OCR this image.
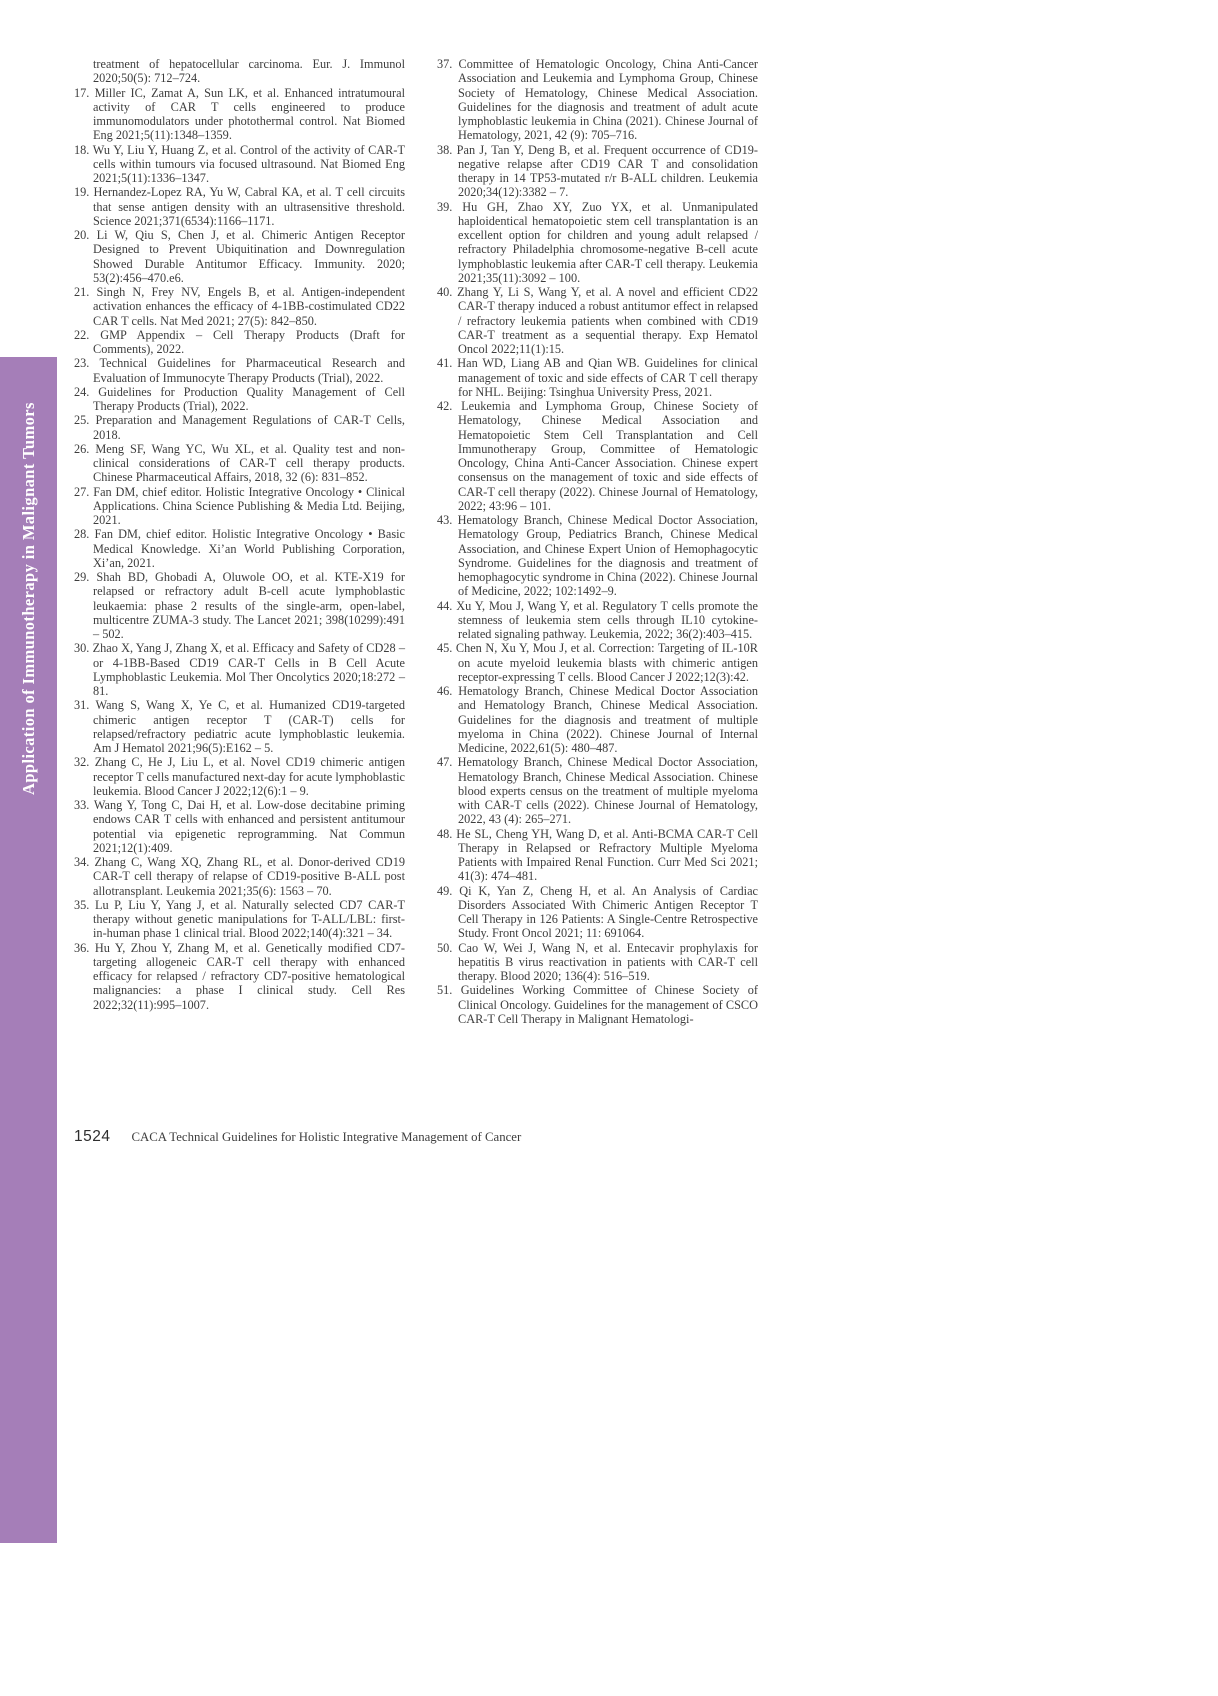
Application of Immunotherapy in Malignant Tumors
treatment of hepatocellular carcinoma. Eur. J. Immunol 2020;50(5): 712–724.
17. Miller IC, Zamat A, Sun LK, et al. Enhanced intratumoural activity of CAR T cells engineered to produce immunomodulators under photothermal control. Nat Biomed Eng 2021;5(11):1348–1359.
18. Wu Y, Liu Y, Huang Z, et al. Control of the activity of CAR-T cells within tumours via focused ultrasound. Nat Biomed Eng 2021;5(11):1336–1347.
19. Hernandez-Lopez RA, Yu W, Cabral KA, et al. T cell circuits that sense antigen density with an ultrasensitive threshold. Science 2021;371(6534):1166–1171.
20. Li W, Qiu S, Chen J, et al. Chimeric Antigen Receptor Designed to Prevent Ubiquitination and Downregulation Showed Durable Antitumor Efficacy. Immunity. 2020; 53(2):456–470.e6.
21. Singh N, Frey NV, Engels B, et al. Antigen-independent activation enhances the efficacy of 4-1BB-costimulated CD22 CAR T cells. Nat Med 2021; 27(5): 842–850.
22. GMP Appendix – Cell Therapy Products (Draft for Comments), 2022.
23. Technical Guidelines for Pharmaceutical Research and Evaluation of Immunocyte Therapy Products (Trial), 2022.
24. Guidelines for Production Quality Management of Cell Therapy Products (Trial), 2022.
25. Preparation and Management Regulations of CAR-T Cells, 2018.
26. Meng SF, Wang YC, Wu XL, et al. Quality test and non-clinical considerations of CAR-T cell therapy products. Chinese Pharmaceutical Affairs, 2018, 32 (6): 831–852.
27. Fan DM, chief editor. Holistic Integrative Oncology • Clinical Applications. China Science Publishing & Media Ltd. Beijing, 2021.
28. Fan DM, chief editor. Holistic Integrative Oncology • Basic Medical Knowledge. Xi’an World Publishing Corporation, Xi’an, 2021.
29. Shah BD, Ghobadi A, Oluwole OO, et al. KTE-X19 for relapsed or refractory adult B-cell acute lymphoblastic leukaemia: phase 2 results of the single-arm, open-label, multicentre ZUMA-3 study. The Lancet 2021; 398(10299):491 – 502.
30. Zhao X, Yang J, Zhang X, et al. Efficacy and Safety of CD28 – or 4-1BB-Based CD19 CAR-T Cells in B Cell Acute Lymphoblastic Leukemia. Mol Ther Oncolytics 2020;18:272 – 81.
31. Wang S, Wang X, Ye C, et al. Humanized CD19-targeted chimeric antigen receptor T (CAR-T) cells for relapsed/refractory pediatric acute lymphoblastic leukemia. Am J Hematol 2021;96(5):E162 – 5.
32. Zhang C, He J, Liu L, et al. Novel CD19 chimeric antigen receptor T cells manufactured next-day for acute lymphoblastic leukemia. Blood Cancer J 2022;12(6):1 – 9.
33. Wang Y, Tong C, Dai H, et al. Low-dose decitabine priming endows CAR T cells with enhanced and persistent antitumour potential via epigenetic reprogramming. Nat Commun 2021;12(1):409.
34. Zhang C, Wang XQ, Zhang RL, et al. Donor-derived CD19 CAR-T cell therapy of relapse of CD19-positive B-ALL post allotransplant. Leukemia 2021;35(6): 1563 – 70.
35. Lu P, Liu Y, Yang J, et al. Naturally selected CD7 CAR-T therapy without genetic manipulations for T-ALL/LBL: first-in-human phase 1 clinical trial. Blood 2022;140(4):321 – 34.
36. Hu Y, Zhou Y, Zhang M, et al. Genetically modified CD7-targeting allogeneic CAR-T cell therapy with enhanced efficacy for relapsed / refractory CD7-positive hematological malignancies: a phase I clinical study. Cell Res 2022;32(11):995–1007.
37. Committee of Hematologic Oncology, China Anti-Cancer Association and Leukemia and Lymphoma Group, Chinese Society of Hematology, Chinese Medical Association. Guidelines for the diagnosis and treatment of adult acute lymphoblastic leukemia in China (2021). Chinese Journal of Hematology, 2021, 42 (9): 705–716.
38. Pan J, Tan Y, Deng B, et al. Frequent occurrence of CD19-negative relapse after CD19 CAR T and consolidation therapy in 14 TP53-mutated r/r B-ALL children. Leukemia 2020;34(12):3382 – 7.
39. Hu GH, Zhao XY, Zuo YX, et al. Unmanipulated haploidentical hematopoietic stem cell transplantation is an excellent option for children and young adult relapsed / refractory Philadelphia chromosome-negative B-cell acute lymphoblastic leukemia after CAR-T cell therapy. Leukemia 2021;35(11):3092 – 100.
40. Zhang Y, Li S, Wang Y, et al. A novel and efficient CD22 CAR-T therapy induced a robust antitumor effect in relapsed / refractory leukemia patients when combined with CD19 CAR-T treatment as a sequential therapy. Exp Hematol Oncol 2022;11(1):15.
41. Han WD, Liang AB and Qian WB. Guidelines for clinical management of toxic and side effects of CAR T cell therapy for NHL. Beijing: Tsinghua University Press, 2021.
42. Leukemia and Lymphoma Group, Chinese Society of Hematology, Chinese Medical Association and Hematopoietic Stem Cell Transplantation and Cell Immunotherapy Group, Committee of Hematologic Oncology, China Anti-Cancer Association. Chinese expert consensus on the management of toxic and side effects of CAR-T cell therapy (2022). Chinese Journal of Hematology, 2022; 43:96 – 101.
43. Hematology Branch, Chinese Medical Doctor Association, Hematology Group, Pediatrics Branch, Chinese Medical Association, and Chinese Expert Union of Hemophagocytic Syndrome. Guidelines for the diagnosis and treatment of hemophagocytic syndrome in China (2022). Chinese Journal of Medicine, 2022; 102:1492–9.
44. Xu Y, Mou J, Wang Y, et al. Regulatory T cells promote the stemness of leukemia stem cells through IL10 cytokine-related signaling pathway. Leukemia, 2022; 36(2):403–415.
45. Chen N, Xu Y, Mou J, et al. Correction: Targeting of IL-10R on acute myeloid leukemia blasts with chimeric antigen receptor-expressing T cells. Blood Cancer J 2022;12(3):42.
46. Hematology Branch, Chinese Medical Doctor Association and Hematology Branch, Chinese Medical Association. Guidelines for the diagnosis and treatment of multiple myeloma in China (2022). Chinese Journal of Internal Medicine, 2022,61(5): 480–487.
47. Hematology Branch, Chinese Medical Doctor Association, Hematology Branch, Chinese Medical Association. Chinese blood experts census on the treatment of multiple myeloma with CAR-T cells (2022). Chinese Journal of Hematology, 2022, 43 (4): 265–271.
48. He SL, Cheng YH, Wang D, et al. Anti-BCMA CAR-T Cell Therapy in Relapsed or Refractory Multiple Myeloma Patients with Impaired Renal Function. Curr Med Sci 2021; 41(3): 474–481.
49. Qi K, Yan Z, Cheng H, et al. An Analysis of Cardiac Disorders Associated With Chimeric Antigen Receptor T Cell Therapy in 126 Patients: A Single-Centre Retrospective Study. Front Oncol 2021; 11: 691064.
50. Cao W, Wei J, Wang N, et al. Entecavir prophylaxis for hepatitis B virus reactivation in patients with CAR-T cell therapy. Blood 2020; 136(4): 516–519.
51. Guidelines Working Committee of Chinese Society of Clinical Oncology. Guidelines for the management of CSCO CAR-T Cell Therapy in Malignant Hematologi-
1524 CACA Technical Guidelines for Holistic Integrative Management of Cancer
